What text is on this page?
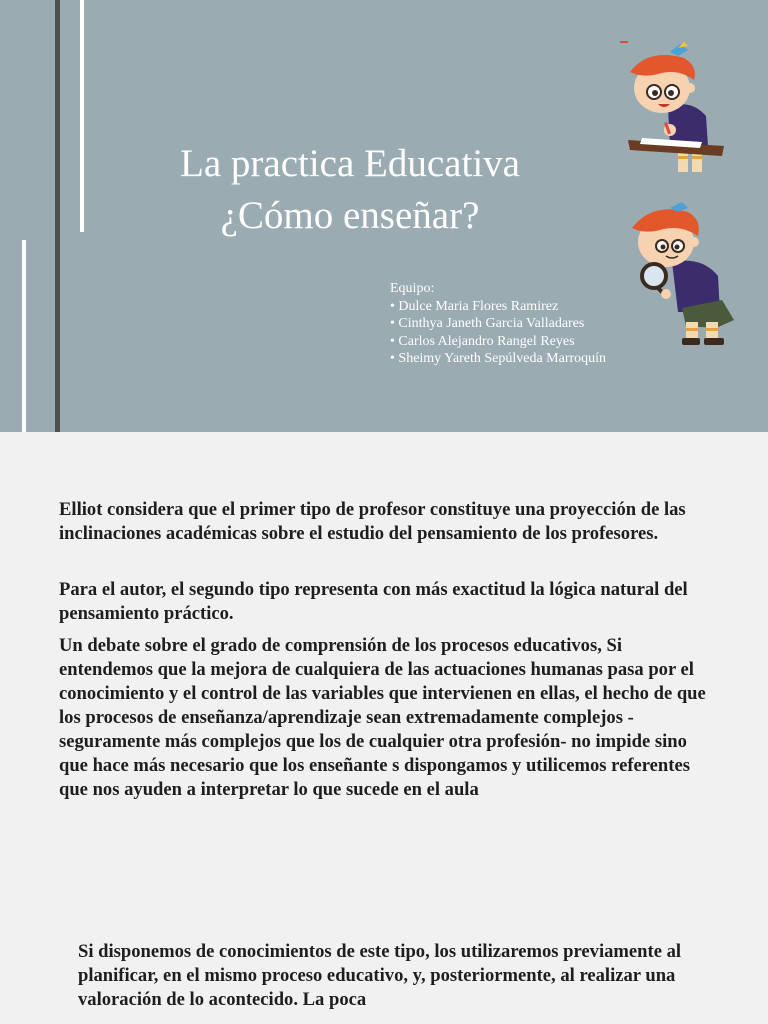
La practica Educativa
¿Cómo enseñar?
Equipo:
• Dulce Maria Flores Ramirez
• Cinthya Janeth Garcia Valladares
• Carlos Alejandro Rangel Reyes
• Sheimy Yareth Sepúlveda Marroquín

Elliot considera que el primer tipo de profesor constituye una proyección de las inclinaciones académicas sobre el estudio del pensamiento de los profesores.

Para el autor, el segundo tipo representa con más exactitud la lógica natural del pensamiento práctico.

Un debate sobre el grado de comprensión de los procesos educativos, Si entendemos que la mejora de cualquiera de las actuaciones humanas pasa por el conocimiento y el control de las variables que intervienen en ellas, el hecho de que los procesos de enseñanza/aprendizaje sean extremadamente complejos -seguramente más complejos que los de cualquier otra profesión- no impide sino que hace más necesario que los enseñante s dispongamos y utilicemos referentes que nos ayuden a interpretar lo que sucede en el aula

Si disponemos de conocimientos de este tipo, los utilizaremos previamente al planificar, en el mismo proceso educativo, y, posteriormente, al realizar una valoración de lo acontecido. La poca
